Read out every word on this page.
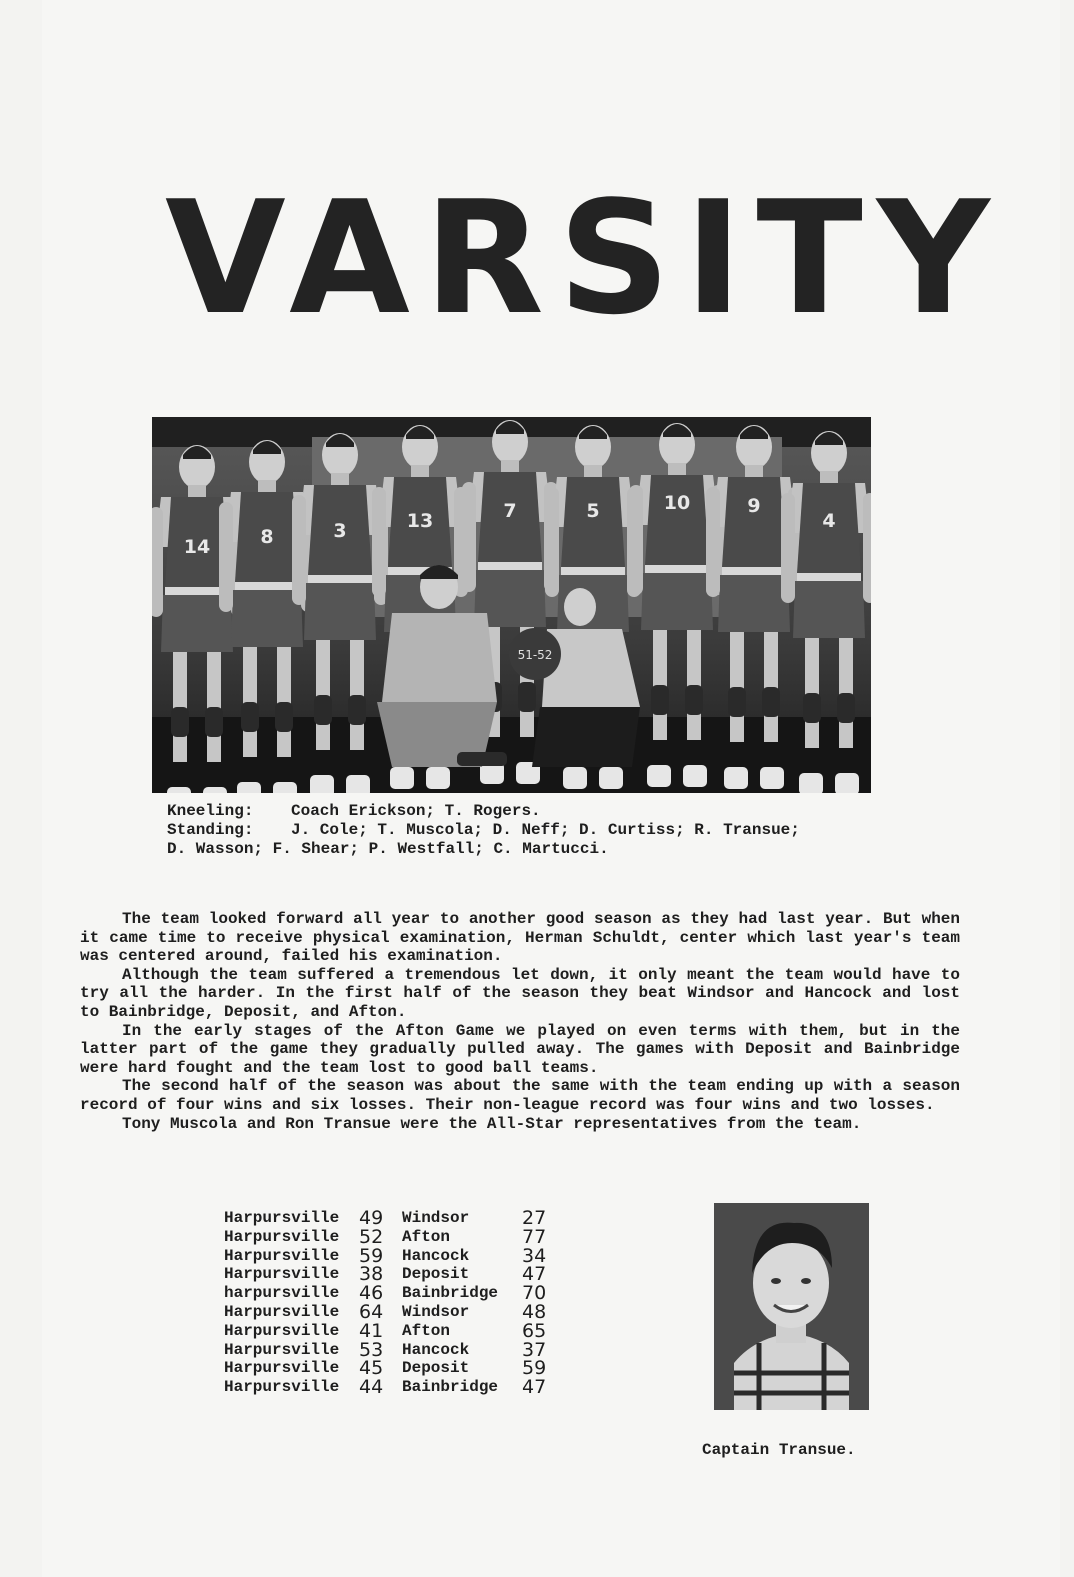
VARSITY
14	8	3	13	7	5	10	9
4
51-52
Kneeling: Coach Erickson; T. Rogers.
Standing: J. Cole; T. Muscola; D. Neff; D. Curtiss; R. Transue;
D. Wasson; F. Shear; P. Westfall; C. Martucci.

The team looked forward all year to another good season as they had last year. But when it came time to receive physical examination, Herman Schuldt, center which last year's team was centered around, failed his examination.

Although the team suffered a tremendous let down, it only meant the team would have to try all the harder. In the first half of the season they beat Windsor and Hancock and lost to Bainbridge, Deposit, and Afton.

In the early stages of the Afton Game we played on even terms with them, but in the latter part of the game they gradually pulled away. The games with Deposit and Bainbridge were hard fought and the team lost to good ball teams.

The second half of the season was about the same with the team ending up with a season record of four wins and six losses. Their non-league record was four wins and two losses.

Tony Muscola and Ron Transue were the All-Star representatives from the team.

Harpursville	49	Windsor	27
Harpursville	52	Afton	77
Harpursville	59	Hancock	34
Harpursville	38	Deposit	47
harpursville	46	Bainbridge	70
Harpursville	64	Windsor	48
Harpursville	41	Afton	65
Harpursville	53	Hancock	37
Harpursville	45	Deposit	59
Harpursville	44	Bainbridge	47
Captain Transue.
